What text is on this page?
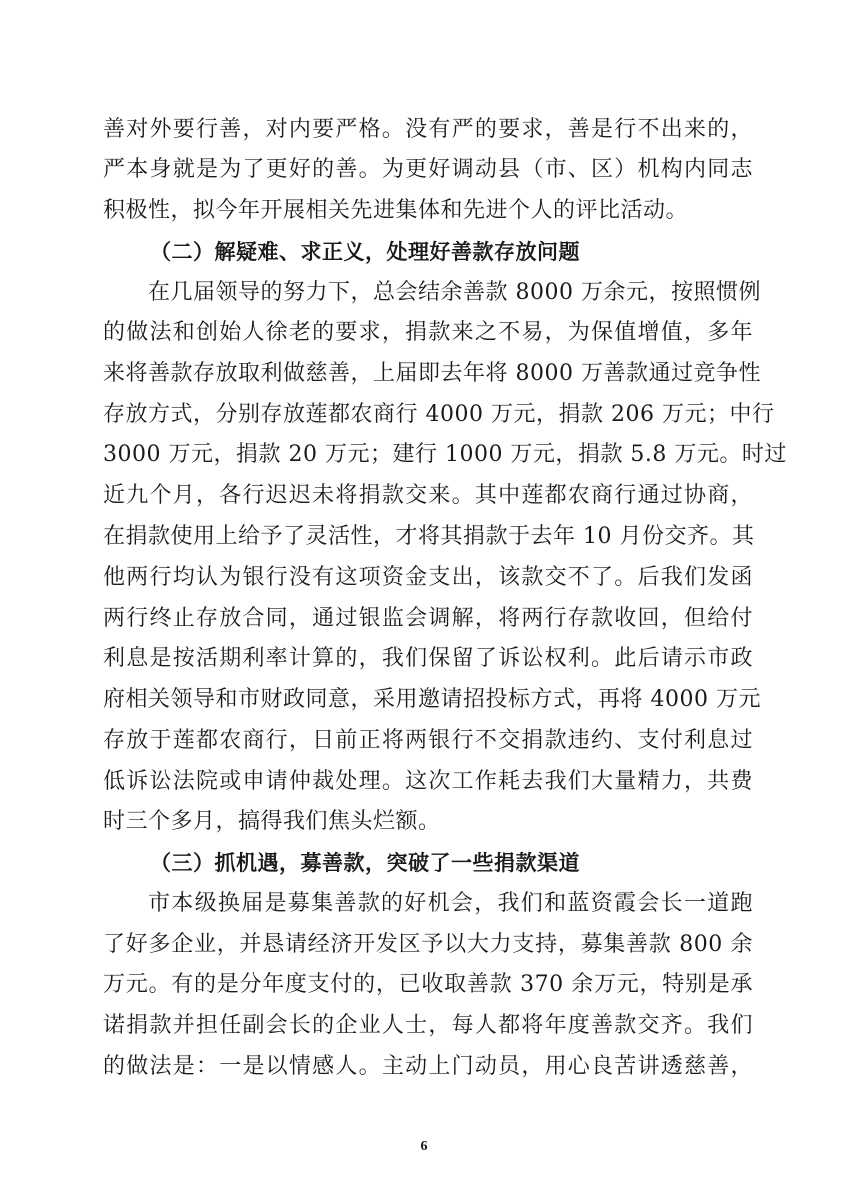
善对外要行善，对内要严格。没有严的要求，善是行不出来的，
严本身就是为了更好的善。为更好调动县（市、区）机构内同志
积极性，拟今年开展相关先进集体和先进个人的评比活动。
（二）解疑难、求正义，处理好善款存放问题
在几届领导的努力下，总会结余善款 8000 万余元，按照惯例
的做法和创始人徐老的要求，捐款来之不易，为保值增值，多年
来将善款存放取利做慈善，上届即去年将 8000 万善款通过竞争性
存放方式，分别存放莲都农商行 4000 万元，捐款 206 万元；中行
3000 万元，捐款 20 万元；建行 1000 万元，捐款 5.8 万元。时过
近九个月，各行迟迟未将捐款交来。其中莲都农商行通过协商，
在捐款使用上给予了灵活性，才将其捐款于去年 10 月份交齐。其
他两行均认为银行没有这项资金支出，该款交不了。后我们发函
两行终止存放合同，通过银监会调解，将两行存款收回，但给付
利息是按活期利率计算的，我们保留了诉讼权利。此后请示市政
府相关领导和市财政同意，采用邀请招投标方式，再将 4000 万元
存放于莲都农商行，日前正将两银行不交捐款违约、支付利息过
低诉讼法院或申请仲裁处理。这次工作耗去我们大量精力，共费
时三个多月，搞得我们焦头烂额。
（三）抓机遇，募善款，突破了一些捐款渠道
市本级换届是募集善款的好机会，我们和蓝资霞会长一道跑
了好多企业，并恳请经济开发区予以大力支持，募集善款 800 余
万元。有的是分年度支付的，已收取善款 370 余万元，特别是承
诺捐款并担任副会长的企业人士，每人都将年度善款交齐。我们
的做法是：一是以情感人。主动上门动员，用心良苦讲透慈善，
6
